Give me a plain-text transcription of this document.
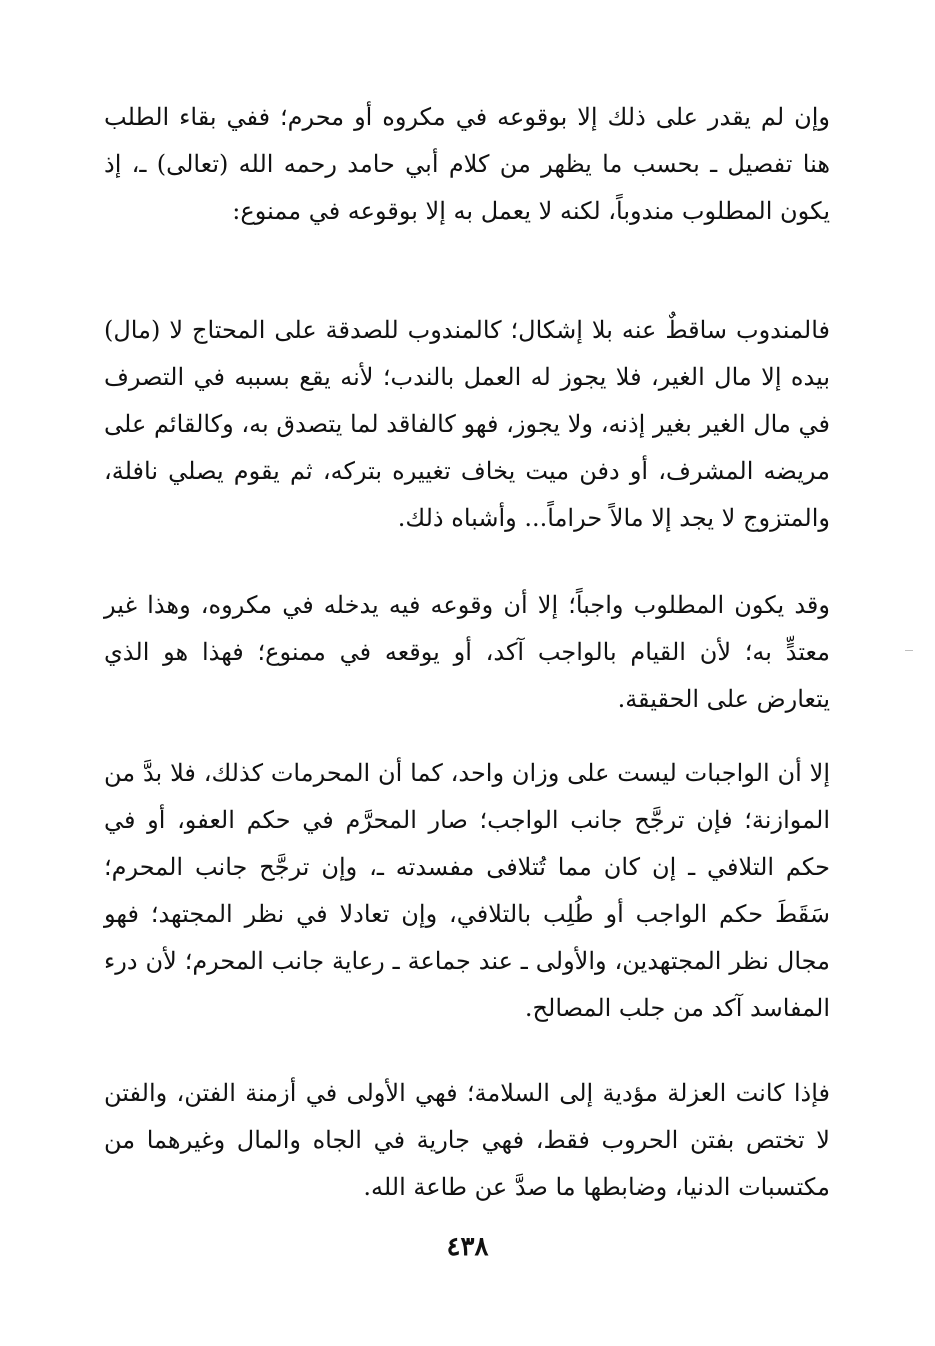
وإن لم يقدر على ذلك إلا بوقوعه في مكروه أو محرم؛ ففي بقاء الطلب هنا تفصيل ـ بحسب ما يظهر من كلام أبي حامد رحمه الله (تعالى) ـ، إذ يكون المطلوب مندوباً، لكنه لا يعمل به إلا بوقوعه في ممنوع:

فالمندوب ساقطٌ عنه بلا إشكال؛ كالمندوب للصدقة على المحتاج لا (مال) بيده إلا مال الغير، فلا يجوز له العمل بالندب؛ لأنه يقع بسببه في التصرف في مال الغير بغير إذنه، ولا يجوز، فهو كالفاقد لما يتصدق به، وكالقائم على مريضه المشرف، أو دفن ميت يخاف تغييره بتركه، ثم يقوم يصلي نافلة، والمتزوج لا يجد إلا مالاً حراماً... وأشباه ذلك.

وقد يكون المطلوب واجباً؛ إلا أن وقوعه فيه يدخله في مكروه، وهذا غير معتدٍّ به؛ لأن القيام بالواجب آكد، أو يوقعه في ممنوع؛ فهذا هو الذي يتعارض على الحقيقة.

إلا أن الواجبات ليست على وزان واحد، كما أن المحرمات كذلك، فلا بدَّ من الموازنة؛ فإن ترجَّح جانب الواجب؛ صار المحرَّم في حكم العفو، أو في حكم التلافي ـ إن كان مما تُتلافى مفسدته ـ، وإن ترجَّح جانب المحرم؛ سَقَطَ حكم الواجب أو طُلِب بالتلافي، وإن تعادلا في نظر المجتهد؛ فهو مجال نظر المجتهدين، والأولى ـ عند جماعة ـ رعاية جانب المحرم؛ لأن درء المفاسد آكد من جلب المصالح.

فإذا كانت العزلة مؤدية إلى السلامة؛ فهي الأولى في أزمنة الفتن، والفتن لا تختص بفتن الحروب فقط، فهي جارية في الجاه والمال وغيرهما من مكتسبات الدنيا، وضابطها ما صدَّ عن طاعة الله.

٤٣٨
